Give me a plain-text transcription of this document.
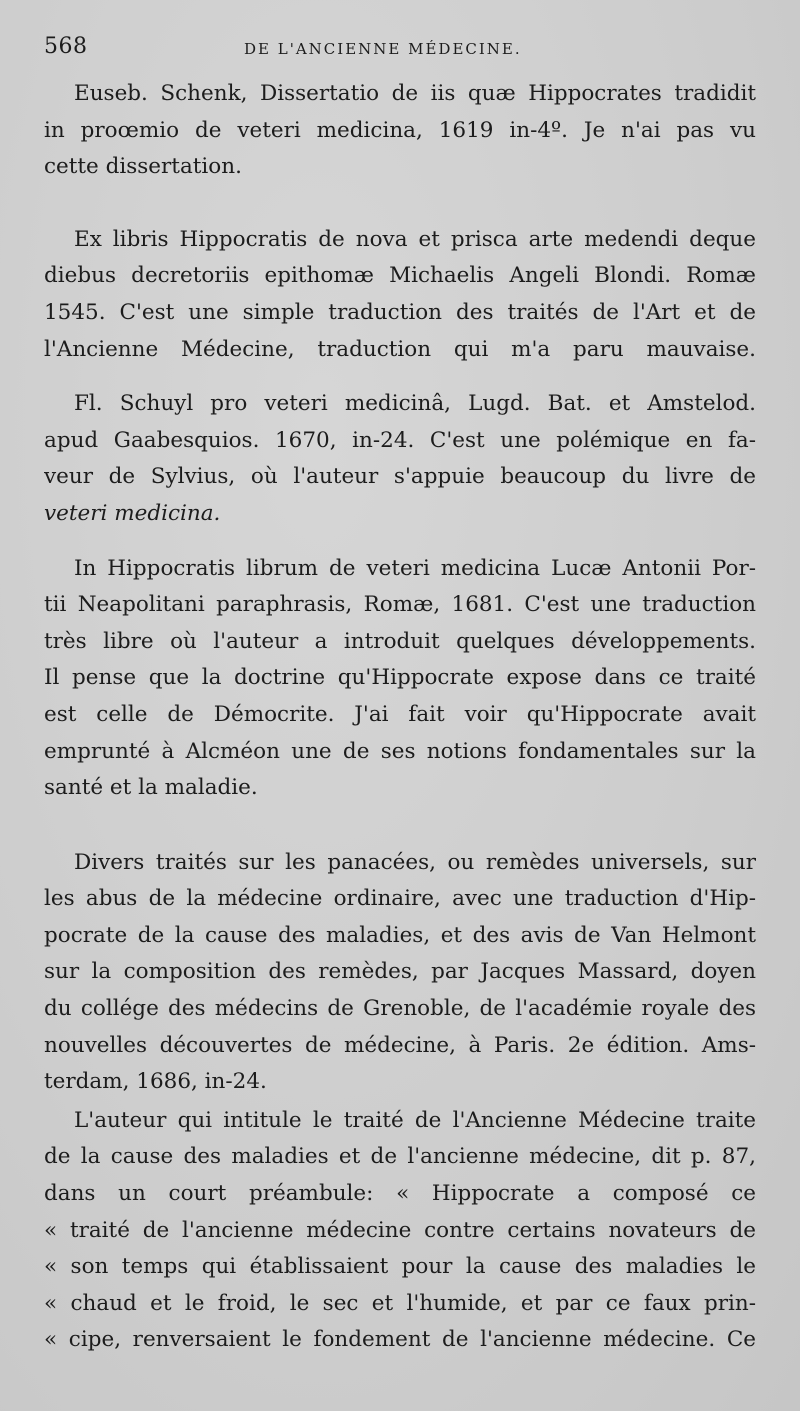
568	DE L'ANCIENNE MÉDECINE.
Euseb. Schenk, Dissertatio de iis quæ Hippocrates tradidit
in proœmio de veteri medicina, 1619 in-4º. Je n'ai pas vu
cette dissertation.
Ex libris Hippocratis de nova et prisca arte medendi deque
diebus decretoriis epithomæ Michaelis Angeli Blondi. Romæ
1545. C'est une simple traduction des traités de l'Art et de
l'Ancienne Médecine, traduction qui m'a paru mauvaise.
Fl. Schuyl pro veteri medicinâ, Lugd. Bat. et Amstelod.
apud Gaabesquios. 1670, in-24. C'est une polémique en fa-
veur de Sylvius, où l'auteur s'appuie beaucoup du livre de
veteri medicina.
In Hippocratis librum de veteri medicina Lucæ Antonii Por-
tii Neapolitani paraphrasis, Romæ, 1681. C'est une traduction
très libre où l'auteur a introduit quelques développements.
Il pense que la doctrine qu'Hippocrate expose dans ce traité
est celle de Démocrite. J'ai fait voir qu'Hippocrate avait
emprunté à Alcméon une de ses notions fondamentales sur la
santé et la maladie.
Divers traités sur les panacées, ou remèdes universels, sur
les abus de la médecine ordinaire, avec une traduction d'Hip-
pocrate de la cause des maladies, et des avis de Van Helmont
sur la composition des remèdes, par Jacques Massard, doyen
du collége des médecins de Grenoble, de l'académie royale des
nouvelles découvertes de médecine, à Paris. 2e édition. Ams-
terdam, 1686, in-24.
L'auteur qui intitule le traité de l'Ancienne Médecine traite
de la cause des maladies et de l'ancienne médecine, dit p. 87,
dans un court préambule: « Hippocrate a composé ce
« traité de l'ancienne médecine contre certains novateurs de
« son temps qui établissaient pour la cause des maladies le
« chaud et le froid, le sec et l'humide, et par ce faux prin-
« cipe, renversaient le fondement de l'ancienne médecine. Ce
